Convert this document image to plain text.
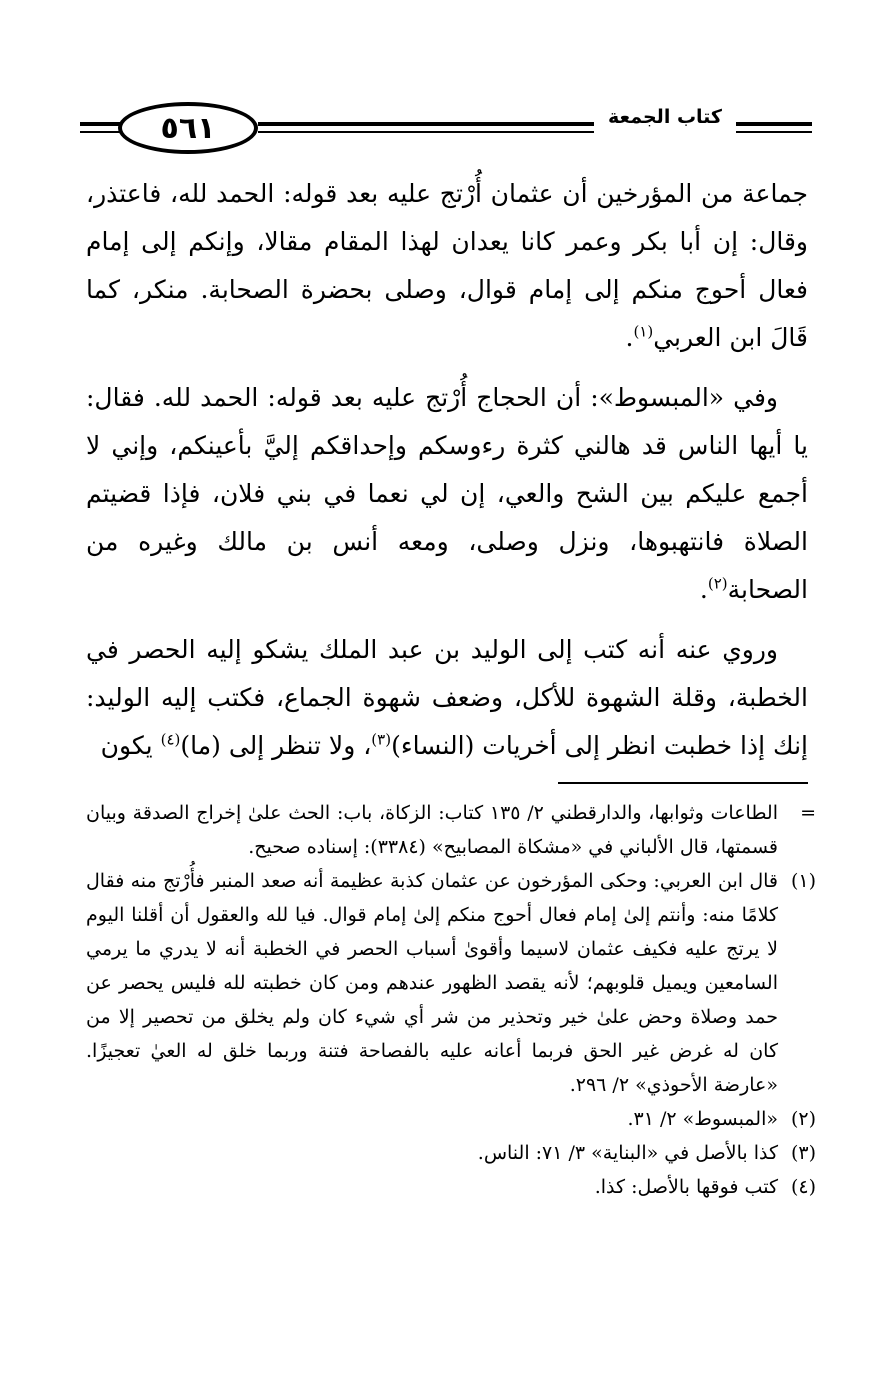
٥٦١	كتاب الجمعة

جماعة من المؤرخين أن عثمان أُرْتج عليه بعد قوله: الحمد لله، فاعتذر، وقال: إن أبا بكر وعمر كانا يعدان لهذا المقام مقالا، وإنكم إلى إمام فعال أحوج منكم إلى إمام قوال، وصلى بحضرة الصحابة. منكر، كما قَالَ ابن العربي$^{(١)}$.

وفي «المبسوط»: أن الحجاج أُرْتج عليه بعد قوله: الحمد لله. فقال: يا أيها الناس قد هالني كثرة رءوسكم وإحداقكم إليَّ بأعينكم، وإني لا أجمع عليكم بين الشح والعي، إن لي نعما في بني فلان، فإذا قضيتم الصلاة فانتهبوها، ونزل وصلى، ومعه أنس بن مالك وغيره من الصحابة$^{(٢)}$.

وروي عنه أنه كتب إلى الوليد بن عبد الملك يشكو إليه الحصر في الخطبة، وقلة الشهوة للأكل، وضعف شهوة الجماع، فكتب إليه الوليد: إنك إذا خطبت انظر إلى أخريات (النساء)$^{(٣)}$، ولا تنظر إلى (ما)$^{(٤)}$ يكون

=
الطاعات وثوابها، والدارقطني ٢/ ١٣٥ كتاب: الزكاة، باب: الحث علىٰ إخراج الصدقة وبيان قسمتها، قال الألباني في «مشكاة المصابيح» (٣٣٨٤): إسناده صحيح.
(١)
قال ابن العربي: وحكى المؤرخون عن عثمان كذبة عظيمة أنه صعد المنبر فأُرْتج منه فقال كلامًا منه: وأنتم إلىٰ إمام فعال أحوج منكم إلىٰ إمام قوال. فيا لله والعقول أن أقلنا اليوم لا يرتج عليه فكيف عثمان لاسيما وأقوىٰ أسباب الحصر في الخطبة أنه لا يدري ما يرمي السامعين ويميل قلوبهم؛ لأنه يقصد الظهور عندهم ومن كان خطبته لله فليس يحصر عن حمد وصلاة وحض علىٰ خير وتحذير من شر أي شيء كان ولم يخلق من تحصير إلا من كان له غرض غير الحق فربما أعانه عليه بالفصاحة فتنة وربما خلق له العيٰ تعجيزًا. «عارضة الأحوذي» ٢/ ٢٩٦.
(٢)
«المبسوط» ٢/ ٣١.
(٣)
كذا بالأصل في «البناية» ٣/ ٧١: الناس.
(٤)
كتب فوقها بالأصل: كذا.
